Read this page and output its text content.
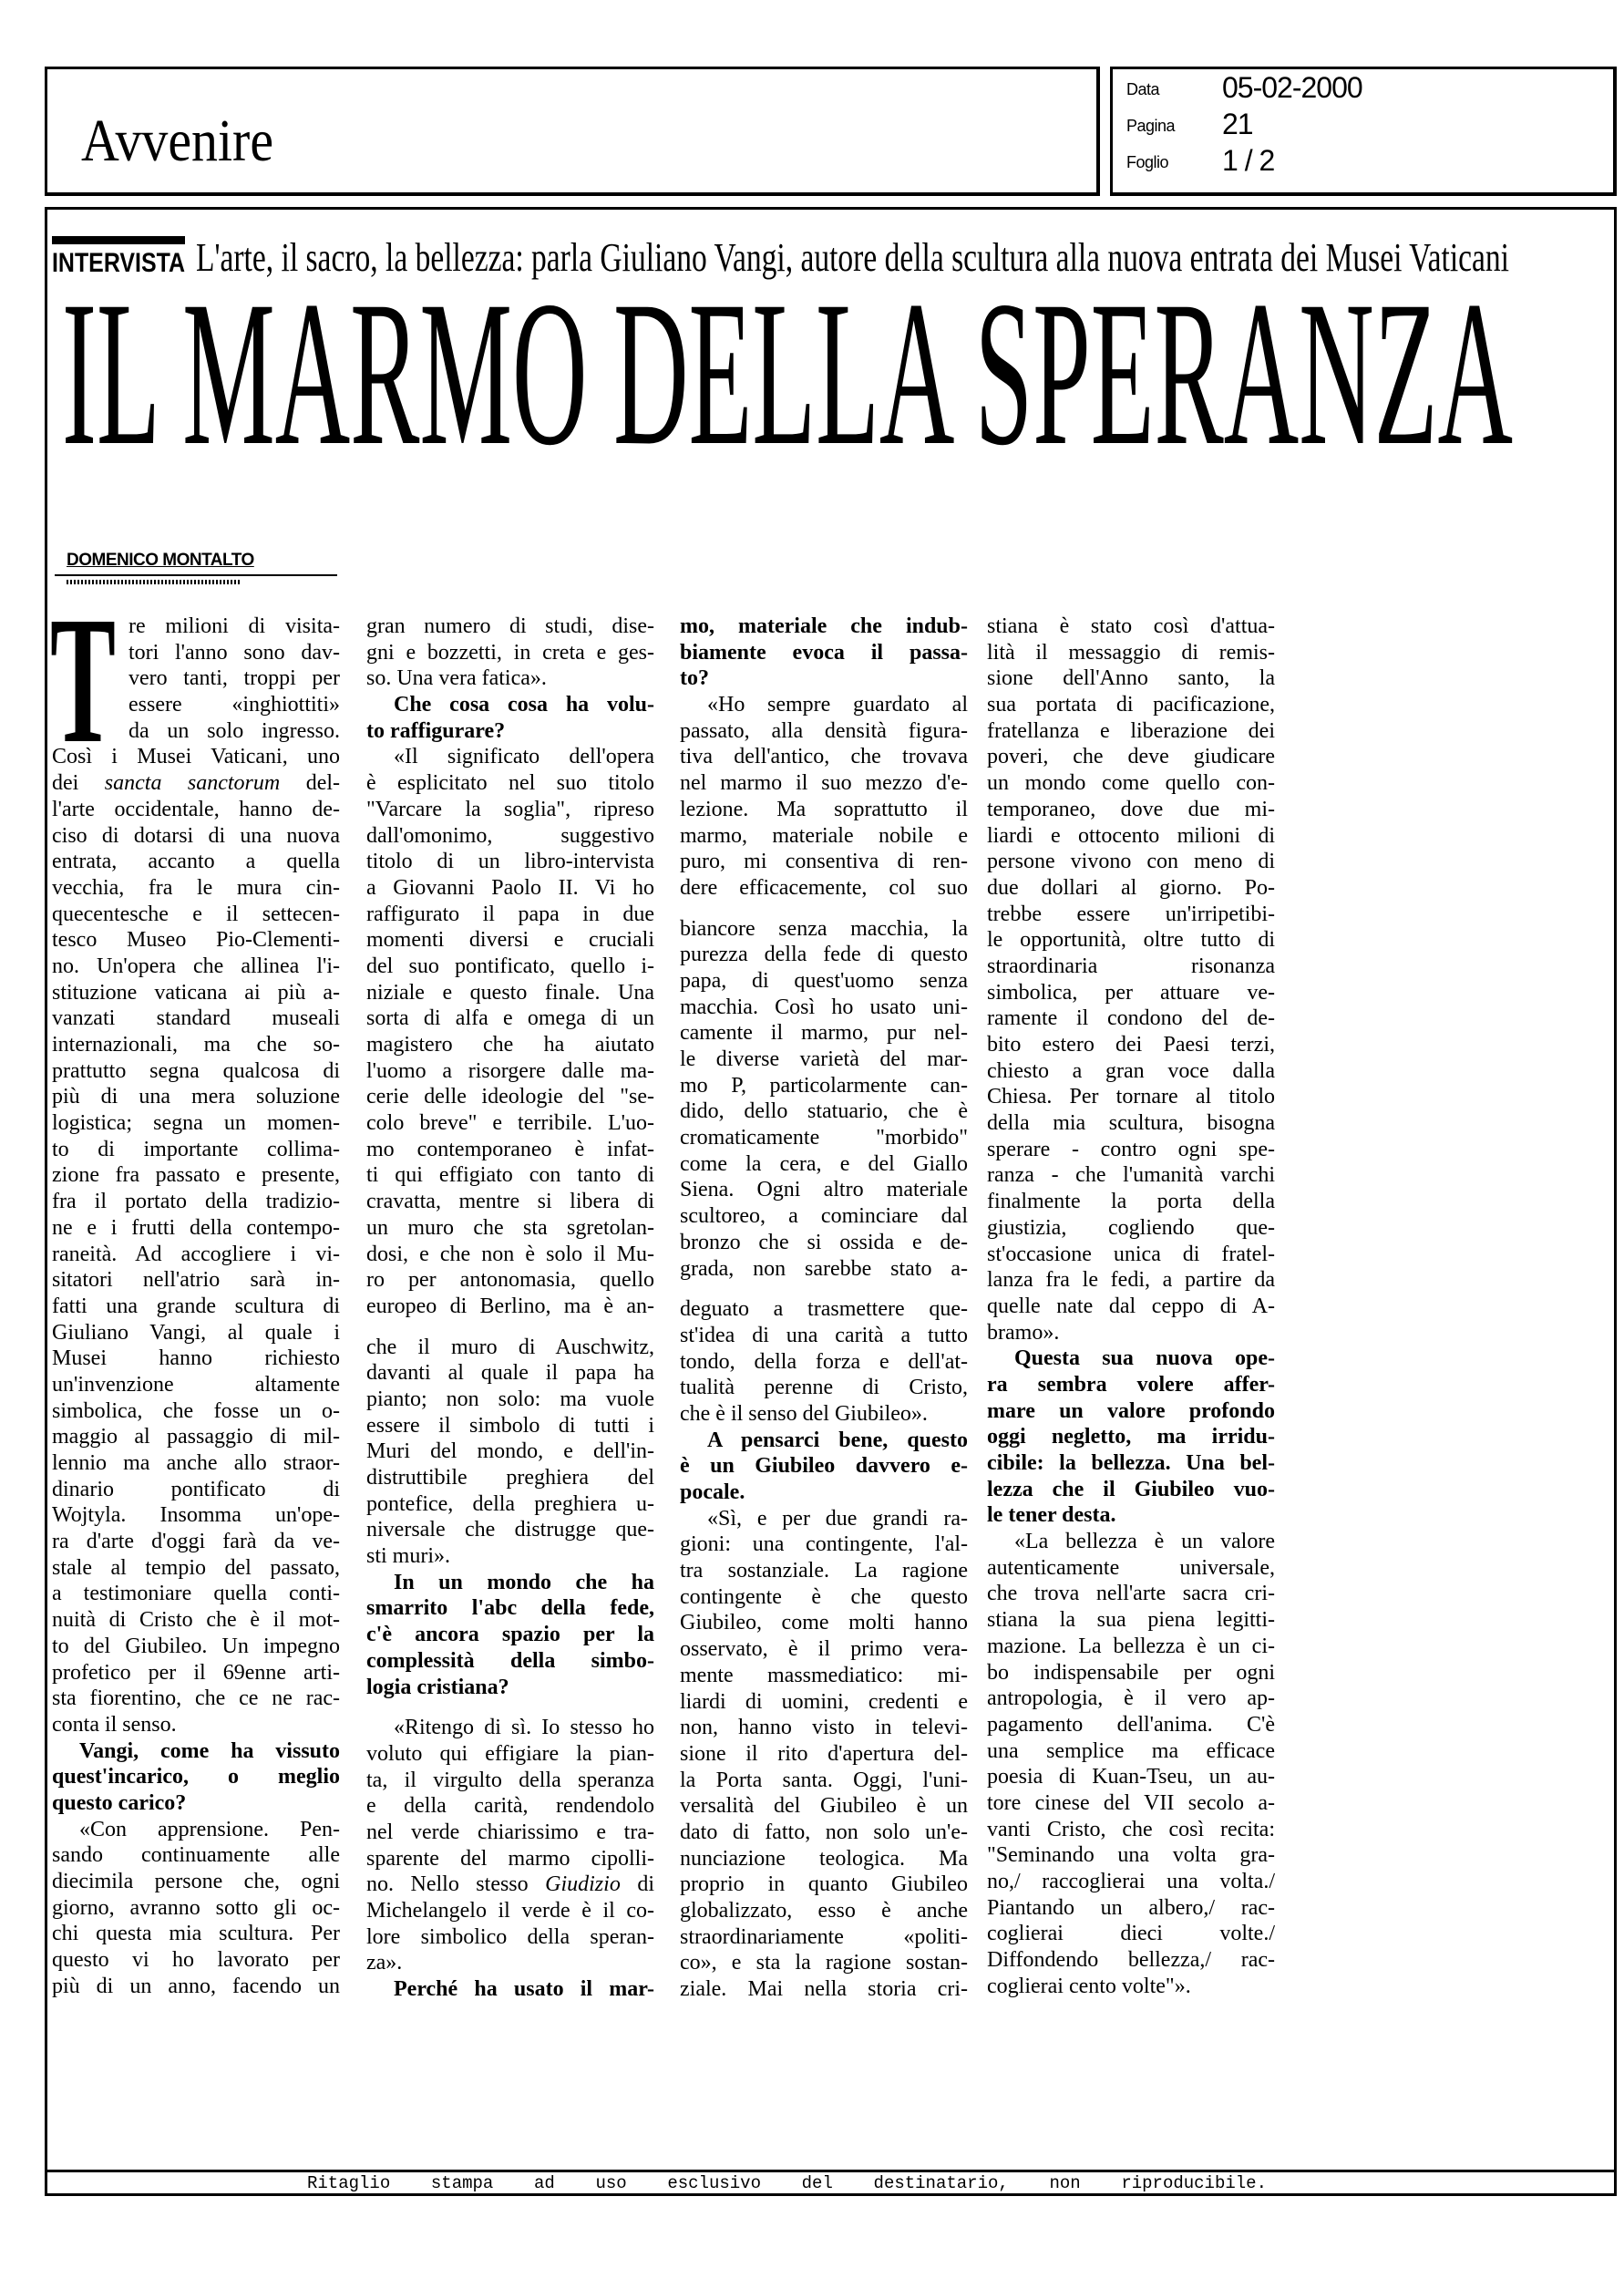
Avvenire
INTERVISTA L'arte, il sacro, la bellezza: parla Giuliano Vangi, autore della scultura alla nuova entrata dei Musei Vaticani
IL MARMO DELLA SPERANZA
Data 05-02-2000
Pagina 21
Foglio 1 / 2
DOMENICO MONTALTO
T re milioni di visita-
tori l'anno sono dav-
vero tanti, troppi per
essere «inghiottiti»
da un solo ingresso.
Così i Musei Vaticani, uno
dei sancta sanctorum del-
l'arte occidentale, hanno de-
ciso di dotarsi di una nuova
entrata, accanto a quella
vecchia, fra le mura cin-
quecentesche e il settecen-
tesco Museo Pio-Clementi-
no. Un'opera che allinea l'i-
stituzione vaticana ai più a-
vanzati standard museali
internazionali, ma che so-
prattutto segna qualcosa di
più di una mera soluzione
logistica; segna un momen-
to di importante collima-
zione fra passato e presente,
fra il portato della tradizio-
ne e i frutti della contempo-
raneità. Ad accogliere i vi-
sitatori nell'atrio sarà in-
fatti una grande scultura di
Giuliano Vangi, al quale i
Musei hanno richiesto
un'invenzione altamente
simbolica, che fosse un o-
maggio al passaggio di mil-
lennio ma anche allo straor-
dinario pontificato di
Wojtyla. Insomma un'ope-
ra d'arte d'oggi farà da ve-
stale al tempio del passato,
a testimoniare quella conti-
nuità di Cristo che è il mot-
to del Giubileo. Un impegno
profetico per il 69enne arti-
sta fiorentino, che ce ne rac-
conta il senso.
Vangi, come ha vissuto
quest'incarico, o meglio
questo carico?
«Con apprensione. Pen-
sando continuamente alle
diecimila persone che, ogni
giorno, avranno sotto gli oc-
chi questa mia scultura. Per
questo vi ho lavorato per
più di un anno, facendo un
gran numero di studi, dise-
gni e bozzetti, in creta e ges-
so. Una vera fatica».
Che cosa cosa ha volu-
to raffigurare?
«Il significato dell'opera
è esplicitato nel suo titolo
"Varcare la soglia", ripreso
dall'omonimo, suggestivo
titolo di un libro-intervista
a Giovanni Paolo II. Vi ho
raffigurato il papa in due
momenti diversi e cruciali
del suo pontificato, quello i-
niziale e questo finale. Una
sorta di alfa e omega di un
magistero che ha aiutato
l'uomo a risorgere dalle ma-
cerie delle ideologie del "se-
colo breve" e terribile. L'uo-
mo contemporaneo è infat-
ti qui effigiato con tanto di
cravatta, mentre si libera di
un muro che sta sgretolan-
dosi, e che non è solo il Mu-
ro per antonomasia, quello
europeo di Berlino, ma è an-
che il muro di Auschwitz,
davanti al quale il papa ha
pianto; non solo: ma vuole
essere il simbolo di tutti i
Muri del mondo, e dell'in-
distruttibile preghiera del
pontefice, della preghiera u-
niversale che distrugge que-
sti muri».
In un mondo che ha
smarrito l'abc della fede,
c'è ancora spazio per la
complessità della simbo-
logia cristiana?
«Ritengo di sì. Io stesso ho
voluto qui effigiare la pian-
ta, il virgulto della speranza
e della carità, rendendolo
nel verde chiarissimo e tra-
sparente del marmo cipolli-
no. Nello stesso Giudizio di
Michelangelo il verde è il co-
lore simbolico della speran-
za».
Perché ha usato il mar-
mo, materiale che indub-
biamente evoca il passa-
to?
«Ho sempre guardato al
passato, alla densità figura-
tiva dell'antico, che trovava
nel marmo il suo mezzo d'e-
lezione. Ma soprattutto il
marmo, materiale nobile e
puro, mi consentiva di ren-
dere efficacemente, col suo
biancore senza macchia, la
purezza della fede di questo
papa, di quest'uomo senza
macchia. Così ho usato uni-
camente il marmo, pur nel-
le diverse varietà del mar-
mo P, particolarmente can-
dido, dello statuario, che è
cromaticamente "morbido"
come la cera, e del Giallo
Siena. Ogni altro materiale
scultoreo, a cominciare dal
bronzo che si ossida e de-
grada, non sarebbe stato a-
deguato a trasmettere que-
st'idea di una carità a tutto
tondo, della forza e dell'at-
tualità perenne di Cristo,
che è il senso del Giubileo».
A pensarci bene, questo
è un Giubileo davvero e-
pocale.
«Sì, e per due grandi ra-
gioni: una contingente, l'al-
tra sostanziale. La ragione
contingente è che questo
Giubileo, come molti hanno
osservato, è il primo vera-
mente massmediatico: mi-
liardi di uomini, credenti e
non, hanno visto in televi-
sione il rito d'apertura del-
la Porta santa. Oggi, l'uni-
versalità del Giubileo è un
dato di fatto, non solo un'e-
nunciazione teologica. Ma
proprio in quanto Giubileo
globalizzato, esso è anche
straordinariamente «politi-
co», e sta la ragione sostan-
ziale. Mai nella storia cri-
stiana è stato così d'attua-
lità il messaggio di remis-
sione dell'Anno santo, la
sua portata di pacificazione,
fratellanza e liberazione dei
poveri, che deve giudicare
un mondo come quello con-
temporaneo, dove due mi-
liardi e ottocento milioni di
persone vivono con meno di
due dollari al giorno. Po-
trebbe essere un'irripetibi-
le opportunità, oltre tutto di
straordinaria risonanza
simbolica, per attuare ve-
ramente il condono del de-
bito estero dei Paesi terzi,
chiesto a gran voce dalla
Chiesa. Per tornare al titolo
della mia scultura, bisogna
sperare - contro ogni spe-
ranza - che l'umanità varchi
finalmente la porta della
giustizia, cogliendo que-
st'occasione unica di fratel-
lanza fra le fedi, a partire da
quelle nate dal ceppo di A-
bramo».
Questa sua nuova ope-
ra sembra volere affer-
mare un valore profondo
oggi negletto, ma irridu-
cibile: la bellezza. Una bel-
lezza che il Giubileo vuo-
le tener desta.
«La bellezza è un valore
autenticamente universale,
che trova nell'arte sacra cri-
stiana la sua piena legitti-
mazione. La bellezza è un ci-
bo indispensabile per ogni
antropologia, è il vero ap-
pagamento dell'anima. C'è
una semplice ma efficace
poesia di Kuan-Tseu, un au-
tore cinese del VII secolo a-
vanti Cristo, che così recita:
"Seminando una volta gra-
no,/ raccoglierai una volta./
Piantando un albero,/ rac-
coglierai dieci volte./
Diffondendo bellezza,/ rac-
coglierai cento volte"».
Ritaglio stampa ad uso esclusivo del destinatario, non riproducibile.
